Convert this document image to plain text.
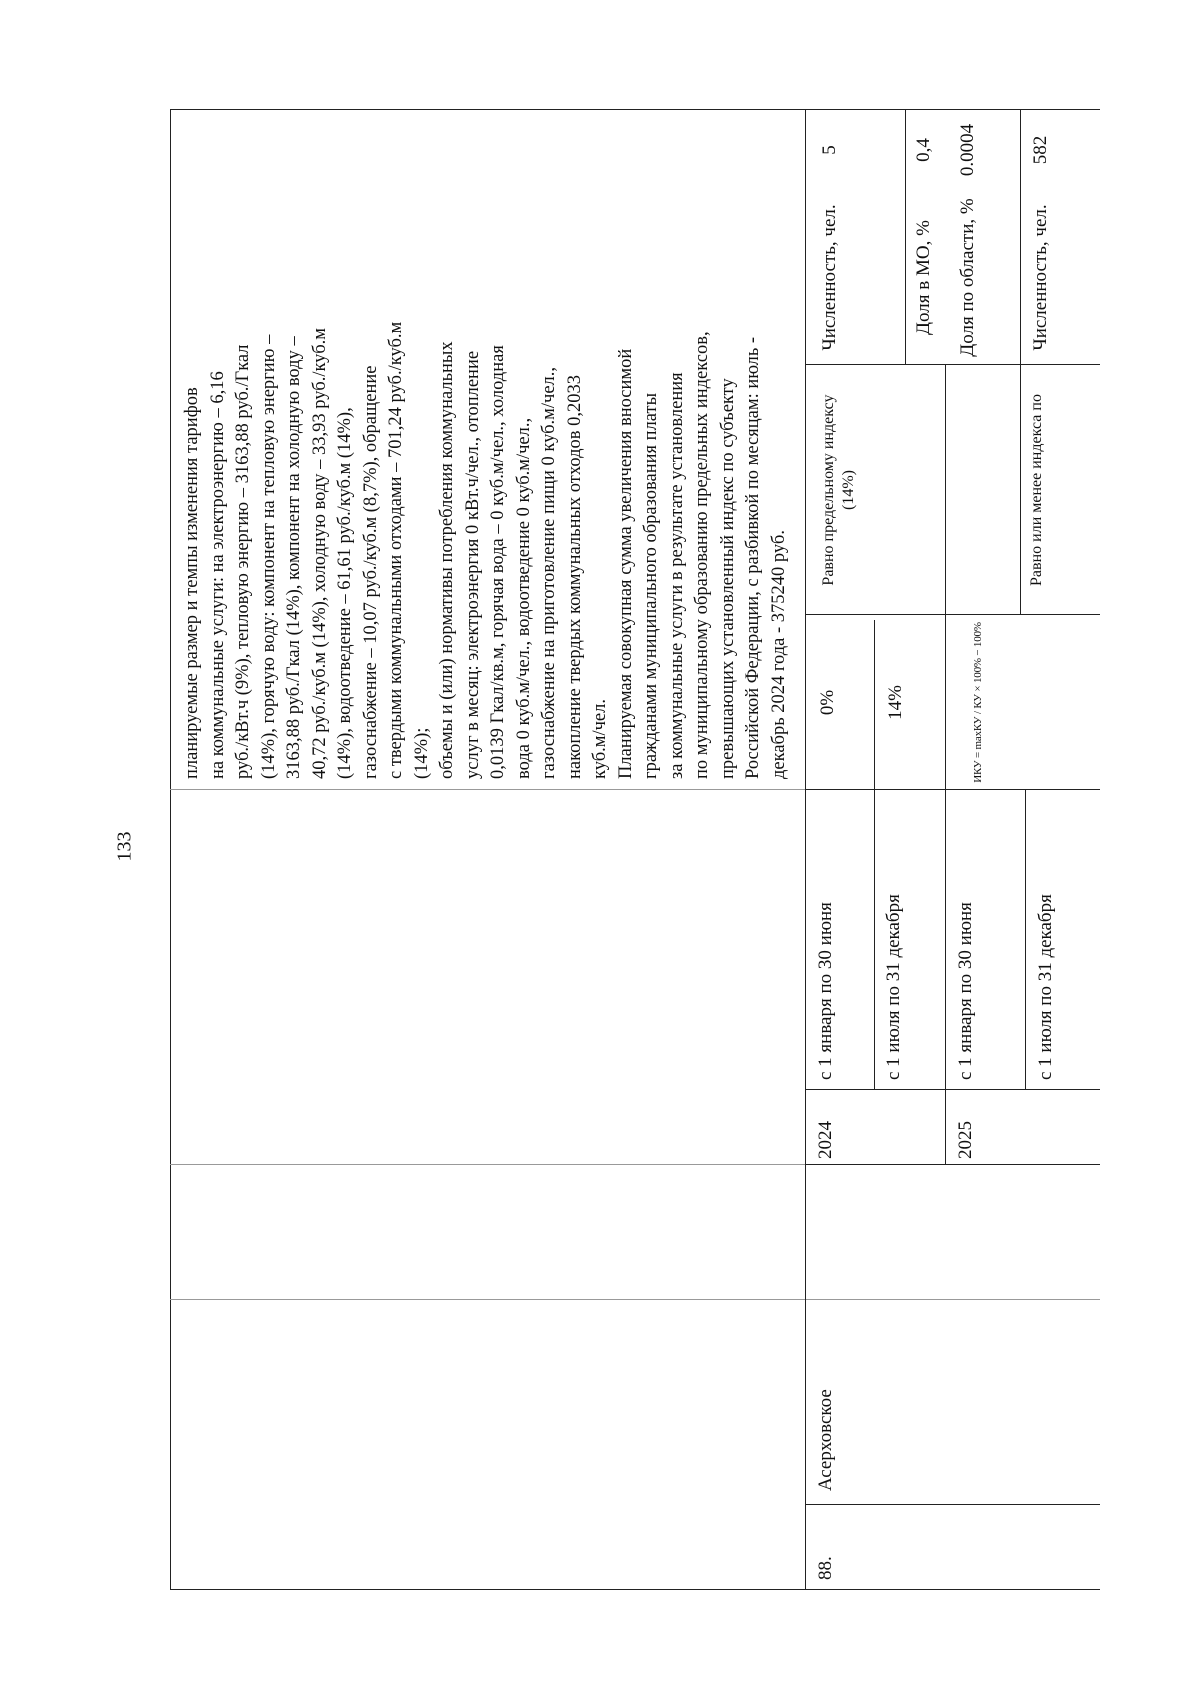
133
планируемые размер и темпы изменения тарифов на коммунальные услуги: на электроэнергию – 6,16 руб./кВт.ч (9%), тепловую энергию – 3163,88 руб./Гкал (14%), горячую воду: компонент на тепловую энергию – 3163,88 руб./Гкал (14%), компонент на холодную воду – 40,72 руб./куб.м (14%), холодную воду – 33,93 руб./куб.м (14%), водоотведение – 61,61 руб./куб.м (14%), газоснабжение – 10,07 руб./куб.м (8,7%), обращение с твердыми коммунальными отходами – 701,24 руб./куб.м (14%); объемы и (или) нормативы потребления коммунальных услуг в месяц: электроэнергия 0 кВт.ч/чел., отопление 0,0139 Гкал/кв.м, горячая вода – 0 куб.м/чел., холодная вода 0 куб.м/чел., водоотведение 0 куб.м/чел., газоснабжение на приготовление пищи 0 куб.м/чел., накопление твердых коммунальных отходов 0,2033 куб.м/чел. Планируемая совокупная сумма увеличения вносимой гражданами муниципального образования платы за коммунальные услуги в результате установления по муниципальному образованию предельных индексов, превышающих установленный индекс по субъекту Российской Федерации, с разбивкой по месяцам: июль - декабрь 2024 года - 375240 руб.
88.
Асерховское
2024
с 1 января по 30 июня
0%
с 1 июля по 31 декабря
14%
Равно предельному индексу (14%)
Численность, чел.
5
Доля в МО, %
0,4
Доля по области, %
0.0004
2025
с 1 января по 30 июня
ИКУ = maxКУ / КУ × 100% − 100%
с 1 июля по 31 декабря
Равно или менее индекса по
Численность, чел.
582
